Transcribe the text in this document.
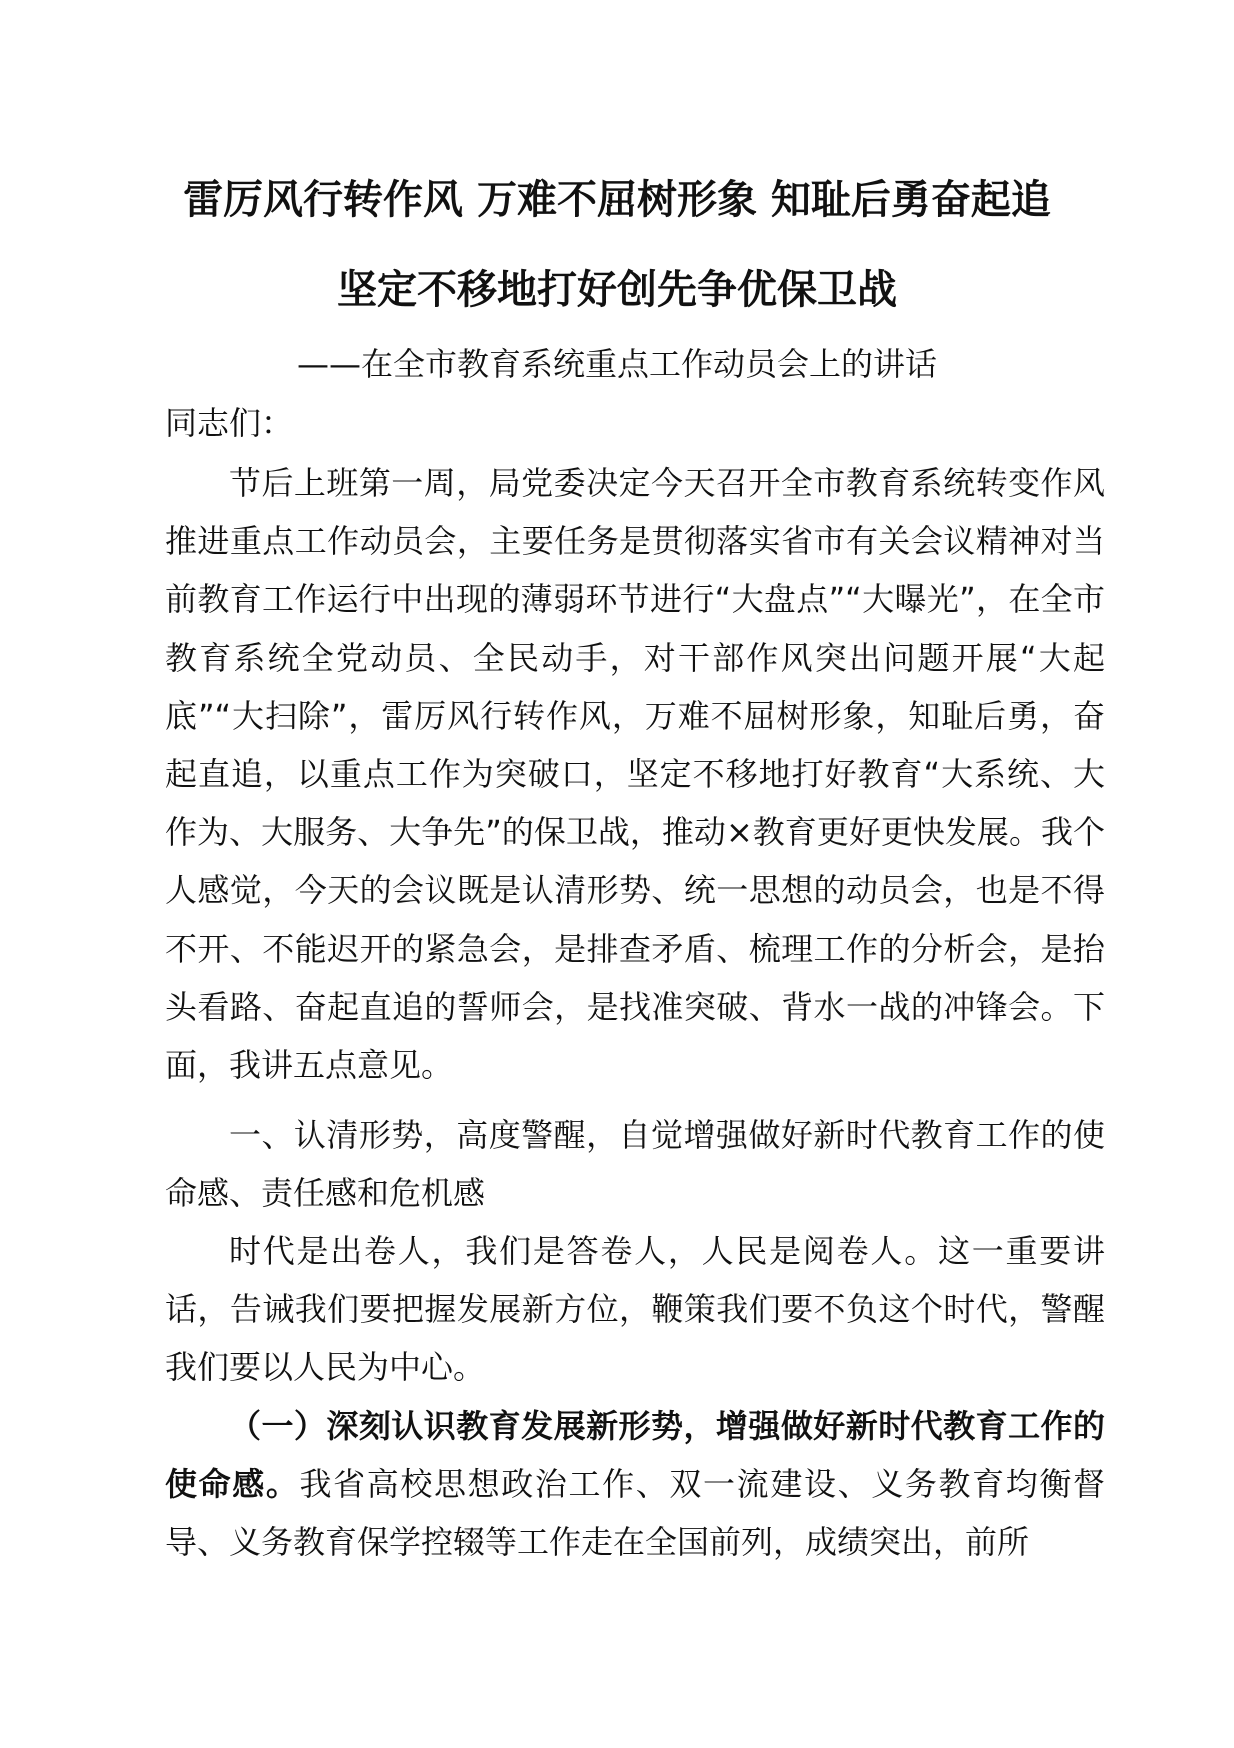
雷厉风行转作风 万难不屈树形象 知耻后勇奋起追
坚定不移地打好创先争优保卫战
——在全市教育系统重点工作动员会上的讲话
同志们：
节后上班第一周，局党委决定今天召开全市教育系统转变作风推进重点工作动员会，主要任务是贯彻落实省市有关会议精神对当前教育工作运行中出现的薄弱环节进行“大盘点”“大曝光”，在全市教育系统全党动员、全民动手，对干部作风突出问题开展“大起底”“大扫除”，雷厉风行转作风，万难不屈树形象，知耻后勇，奋起直追，以重点工作为突破口，坚定不移地打好教育“大系统、大作为、大服务、大争先”的保卫战，推动×教育更好更快发展。我个人感觉，今天的会议既是认清形势、统一思想的动员会，也是不得不开、不能迟开的紧急会，是排查矛盾、梳理工作的分析会，是抬头看路、奋起直追的誓师会，是找准突破、背水一战的冲锋会。下面，我讲五点意见。
一、认清形势，高度警醒，自觉增强做好新时代教育工作的使命感、责任感和危机感
时代是出卷人，我们是答卷人，人民是阅卷人。这一重要讲话，告诫我们要把握发展新方位，鞭策我们要不负这个时代，警醒我们要以人民为中心。
（一）深刻认识教育发展新形势，增强做好新时代教育工作的使命感。我省高校思想政治工作、双一流建设、义务教育均衡督导、义务教育保学控辍等工作走在全国前列，成绩突出，前所
